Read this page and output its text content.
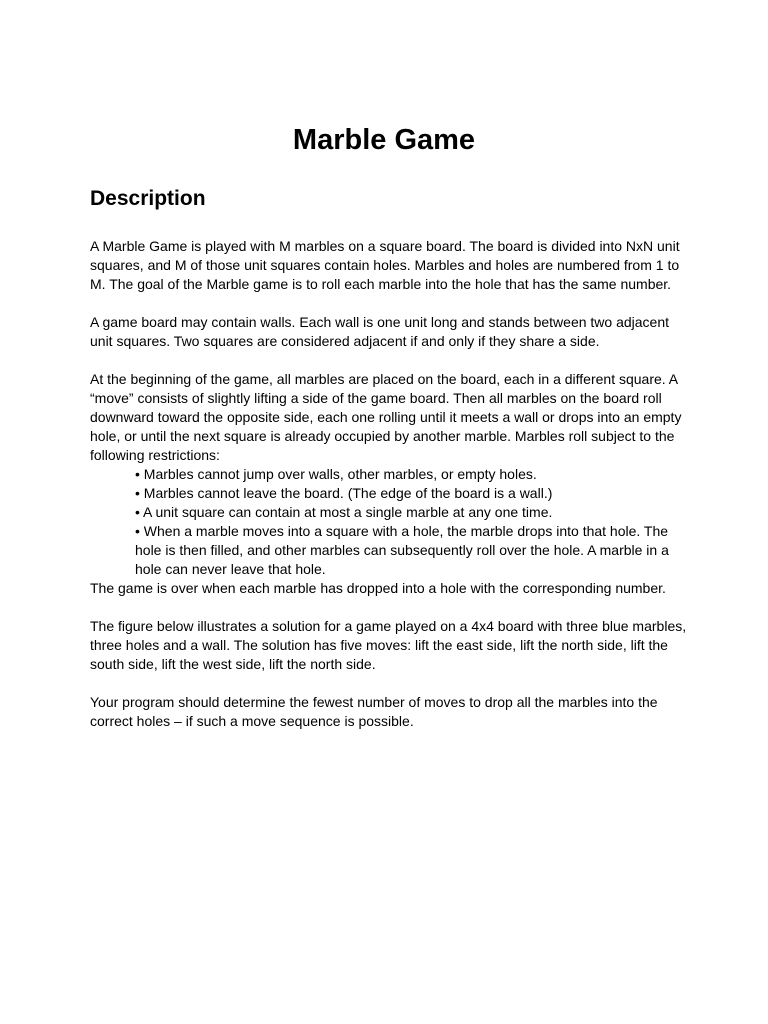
Marble Game
Description

A Marble Game is played with M marbles on a square board. The board is divided into NxN unit squares, and M of those unit squares contain holes. Marbles and holes are numbered from 1 to M. The goal of the Marble game is to roll each marble into the hole that has the same number.

A game board may contain walls. Each wall is one unit long and stands between two adjacent unit squares. Two squares are considered adjacent if and only if they share a side.

At the beginning of the game, all marbles are placed on the board, each in a different square. A “move” consists of slightly lifting a side of the game board. Then all marbles on the board roll downward toward the opposite side, each one rolling until it meets a wall or drops into an empty hole, or until the next square is already occupied by another marble. Marbles roll subject to the following restrictions:

• Marbles cannot jump over walls, other marbles, or empty holes.
• Marbles cannot leave the board. (The edge of the board is a wall.)
• A unit square can contain at most a single marble at any one time.
• When a marble moves into a square with a hole, the marble drops into that hole. The hole is then filled, and other marbles can subsequently roll over the hole. A marble in a hole can never leave that hole.

The game is over when each marble has dropped into a hole with the corresponding number.

The figure below illustrates a solution for a game played on a 4x4 board with three blue marbles, three holes and a wall. The solution has five moves: lift the east side, lift the north side, lift the south side, lift the west side, lift the north side.

Your program should determine the fewest number of moves to drop all the marbles into the correct holes – if such a move sequence is possible.
